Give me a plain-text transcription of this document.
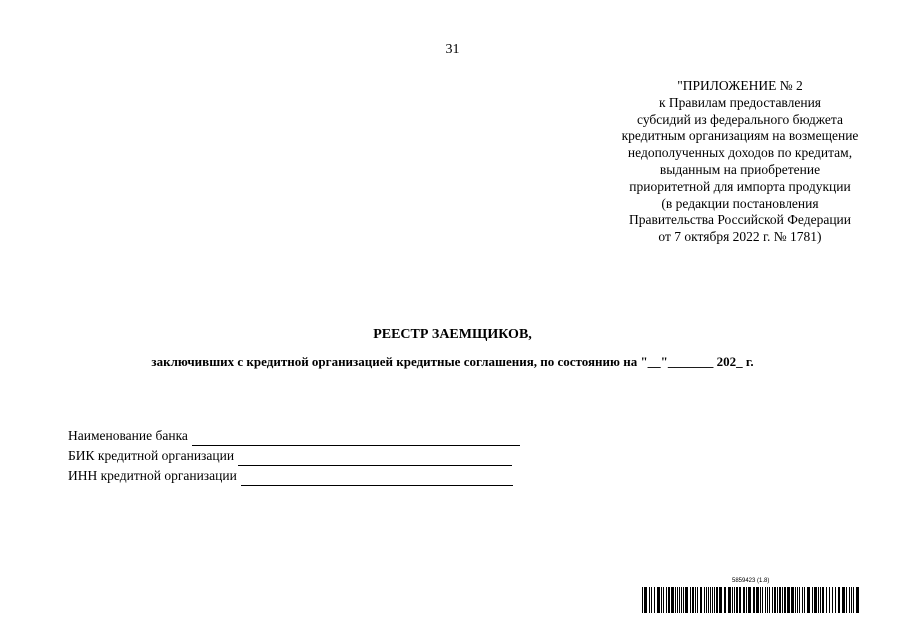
31
"ПРИЛОЖЕНИЕ № 2
к Правилам предоставления
субсидий из федерального бюджета
кредитным организациям на возмещение
недополученных доходов по кредитам,
выданным на приобретение
приоритетной для импорта продукции
(в редакции постановления
Правительства Российской Федерации
от 7 октября 2022 г. № 1781)
РЕЕСТР ЗАЕМЩИКОВ,
заключивших с кредитной организацией кредитные соглашения, по состоянию на "__"_______ 202_ г.
Наименование банка
БИК кредитной организации
ИНН кредитной организации
5859423 (1.8)
